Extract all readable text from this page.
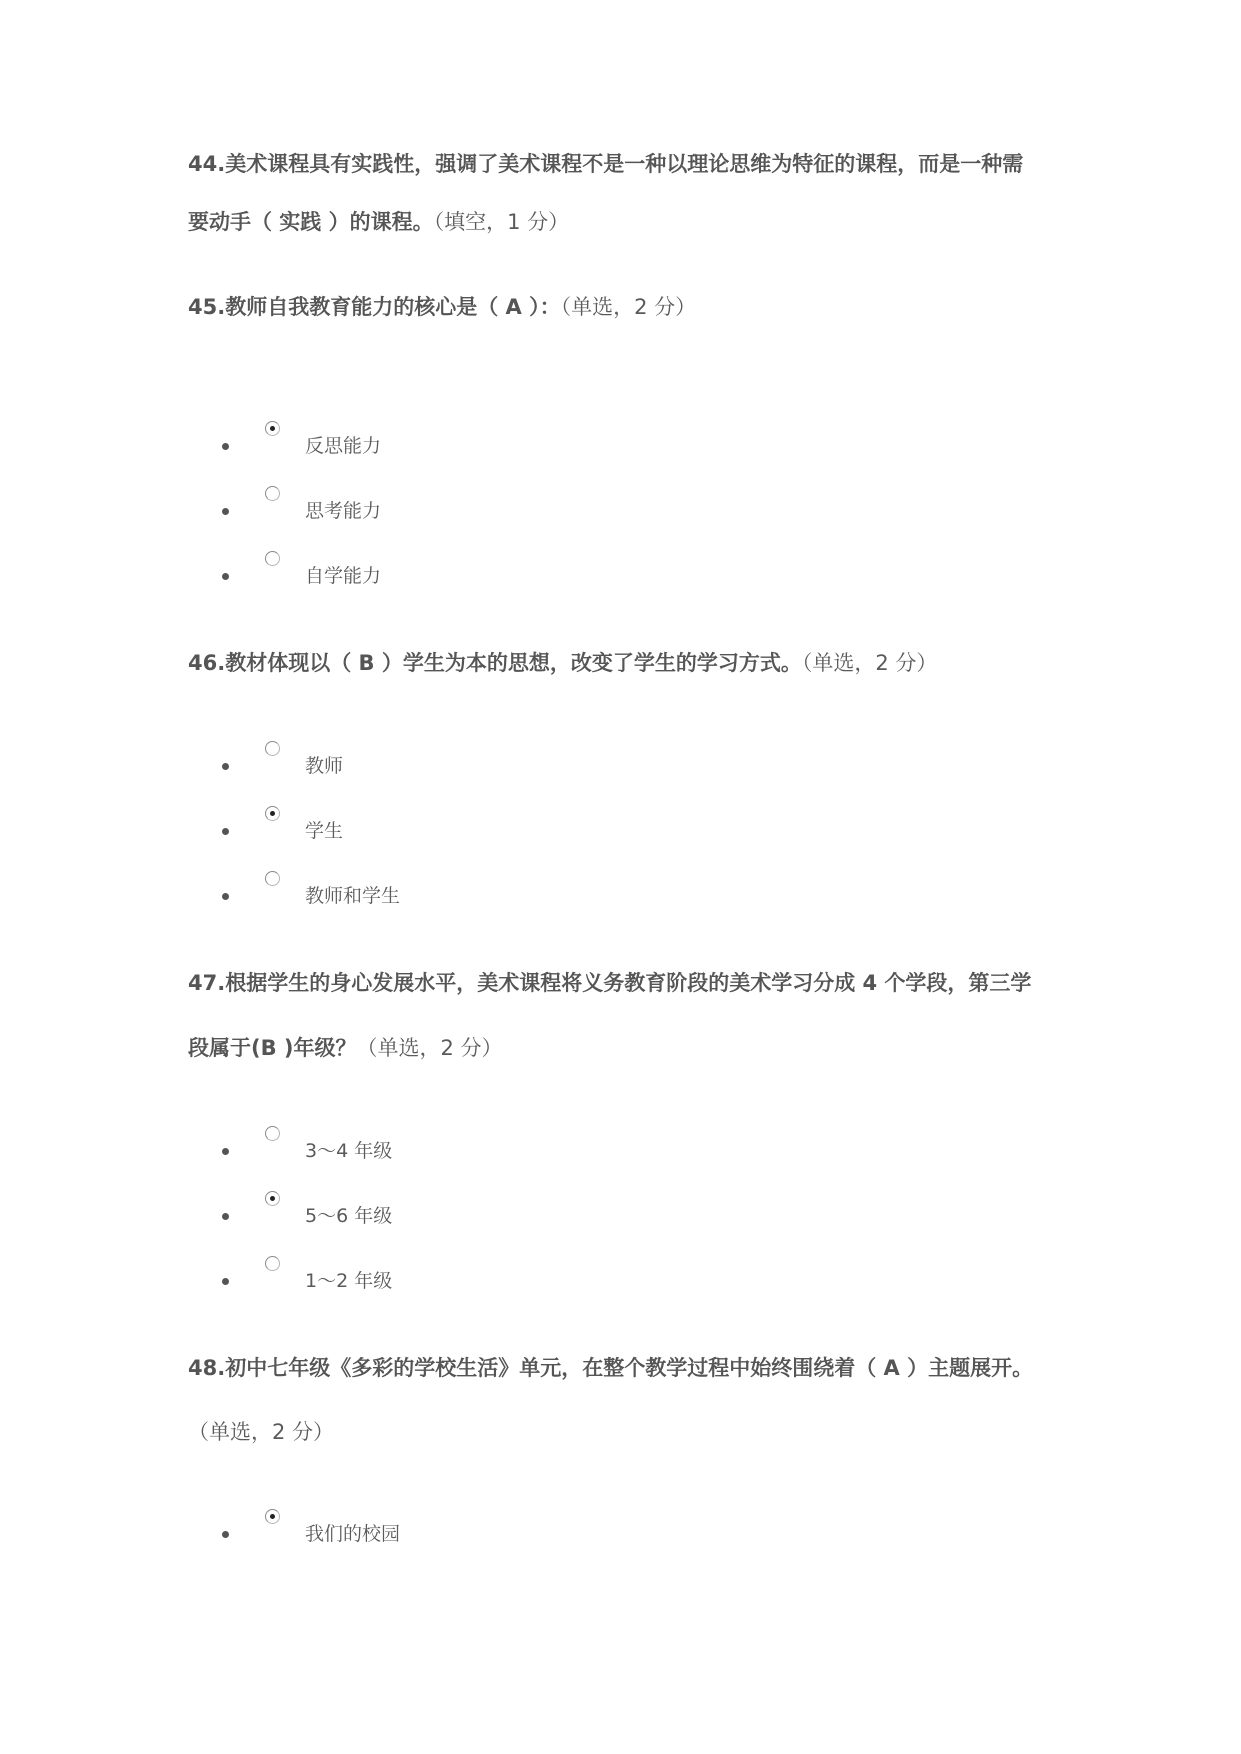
44.美术课程具有实践性，强调了美术课程不是一种以理论思维为特征的课程，而是一种需
要动手（ 实践 ）的课程。（填空，1 分）
45.教师自我教育能力的核心是（ A ）：（单选，2 分）
反思能力
思考能力
自学能力
46.教材体现以（ B ）学生为本的思想，改变了学生的学习方式。（单选，2 分）
教师
学生
教师和学生
47.根据学生的身心发展水平，美术课程将义务教育阶段的美术学习分成 4 个学段，第三学
段属于(B )年级？（单选，2 分）
3～4 年级
5～6 年级
1～2 年级
48.初中七年级《多彩的学校生活》单元，在整个教学过程中始终围绕着（ A ）主题展开。
（单选，2 分）
我们的校园
